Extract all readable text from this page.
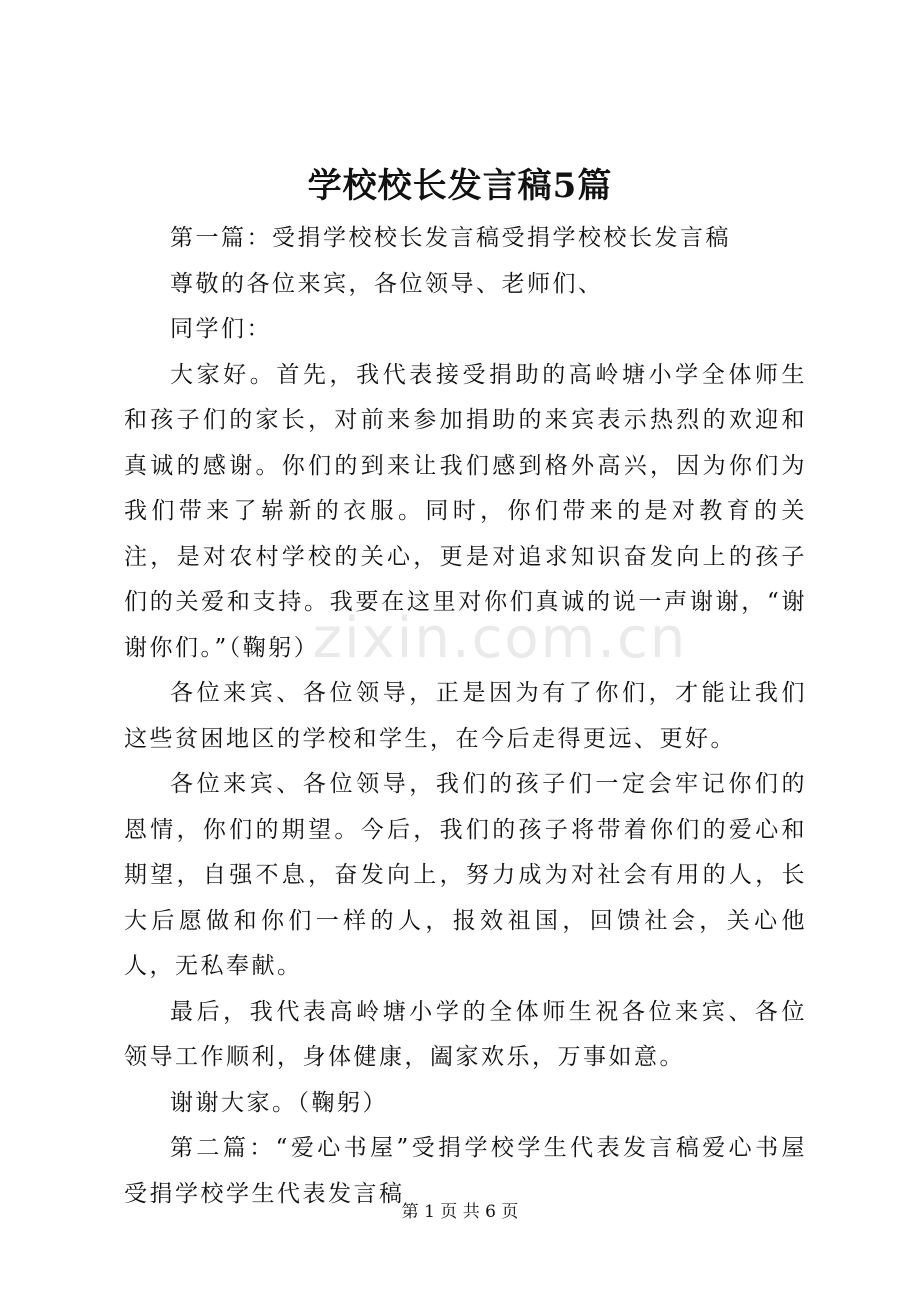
学校校长发言稿5篇

第一篇：受捐学校校长发言稿受捐学校校长发言稿

尊敬的各位来宾，各位领导、老师们、

同学们：

大家好。首先，我代表接受捐助的高岭塘小学全体师生和孩子们的家长，对前来参加捐助的来宾表示热烈的欢迎和真诚的感谢。你们的到来让我们感到格外高兴，因为你们为我们带来了崭新的衣服。同时，你们带来的是对教育的关注，是对农村学校的关心，更是对追求知识奋发向上的孩子们的关爱和支持。我要在这里对你们真诚的说一声谢谢，“谢谢你们。”（鞠躬）

各位来宾、各位领导，正是因为有了你们，才能让我们这些贫困地区的学校和学生，在今后走得更远、更好。

各位来宾、各位领导，我们的孩子们一定会牢记你们的恩情，你们的期望。今后，我们的孩子将带着你们的爱心和期望，自强不息，奋发向上，努力成为对社会有用的人，长大后愿做和你们一样的人，报效祖国，回馈社会，关心他人，无私奉献。

最后，我代表高岭塘小学的全体师生祝各位来宾、各位领导工作顺利，身体健康，阖家欢乐，万事如意。

谢谢大家。（鞠躬）

第二篇：“爱心书屋”受捐学校学生代表发言稿爱心书屋受捐学校学生代表发言稿

zixin.com.cn
第 1 页 共 6 页
